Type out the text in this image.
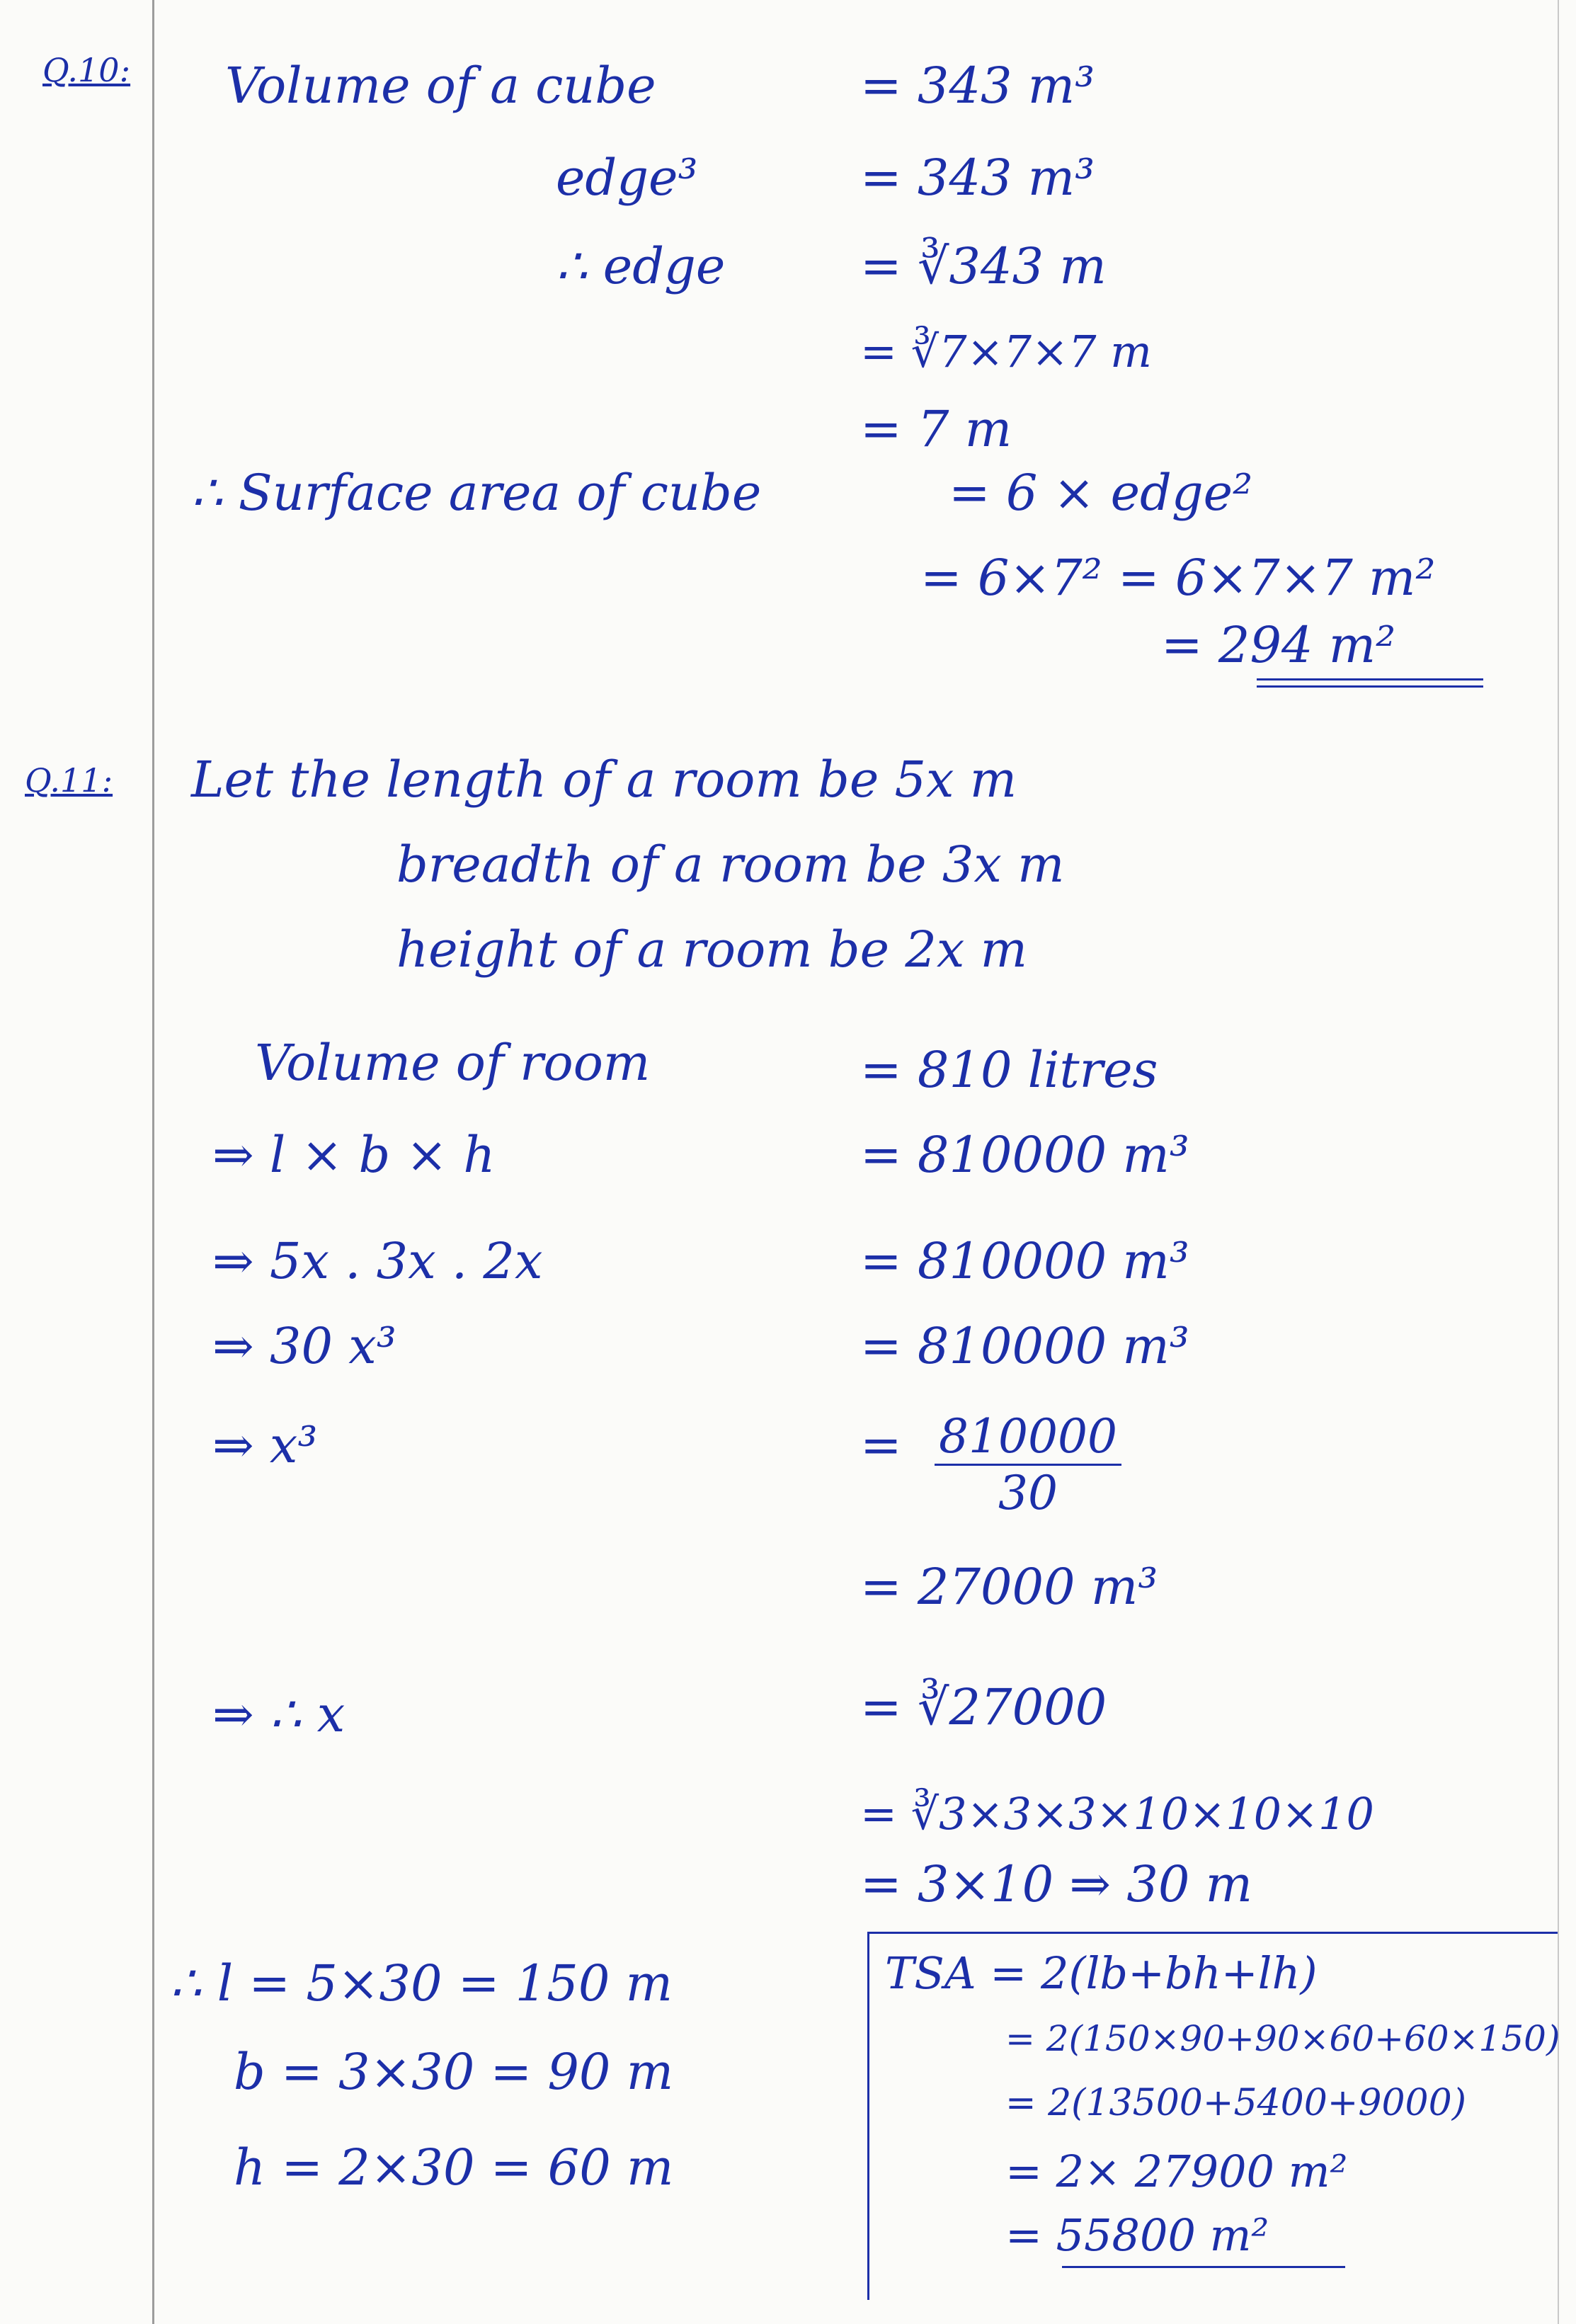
Q.10: Volume of a cube	= 343 m³
edge³	= 343 m³
∴ edge	= ∛343 m
= ∛7×7×7 m
= 7 m
∴ Surface area of cube	= 6 × edge²
= 6×7² = 6×7×7 m²
= 294 m²
Q.11: Let the length of a room be 5x m
breadth of a room be 3x m
height of a room be 2x m
Volume of room	= 810 litres
⇒ l × b × h	= 810000 m³
⇒ 5x . 3x . 2x	= 810000 m³
⇒ 30 x³	= 810000 m³
⇒ x³	= $\frac{810000}{30}$
= 27000 m³
⇒ ∴ x	= ∛27000
= ∛3×3×3×10×10×10
= 3×10 ⇒ 30 m
∴ l = 5×30 = 150 m
b = 3×30 = 90 m
h = 2×30 = 60 m
TSA = 2(lb+bh+lh)
= 2(150×90+90×60+60×150)
= 2(13500+5400+9000)
= 2× 27900 m²
= 55800 m²
